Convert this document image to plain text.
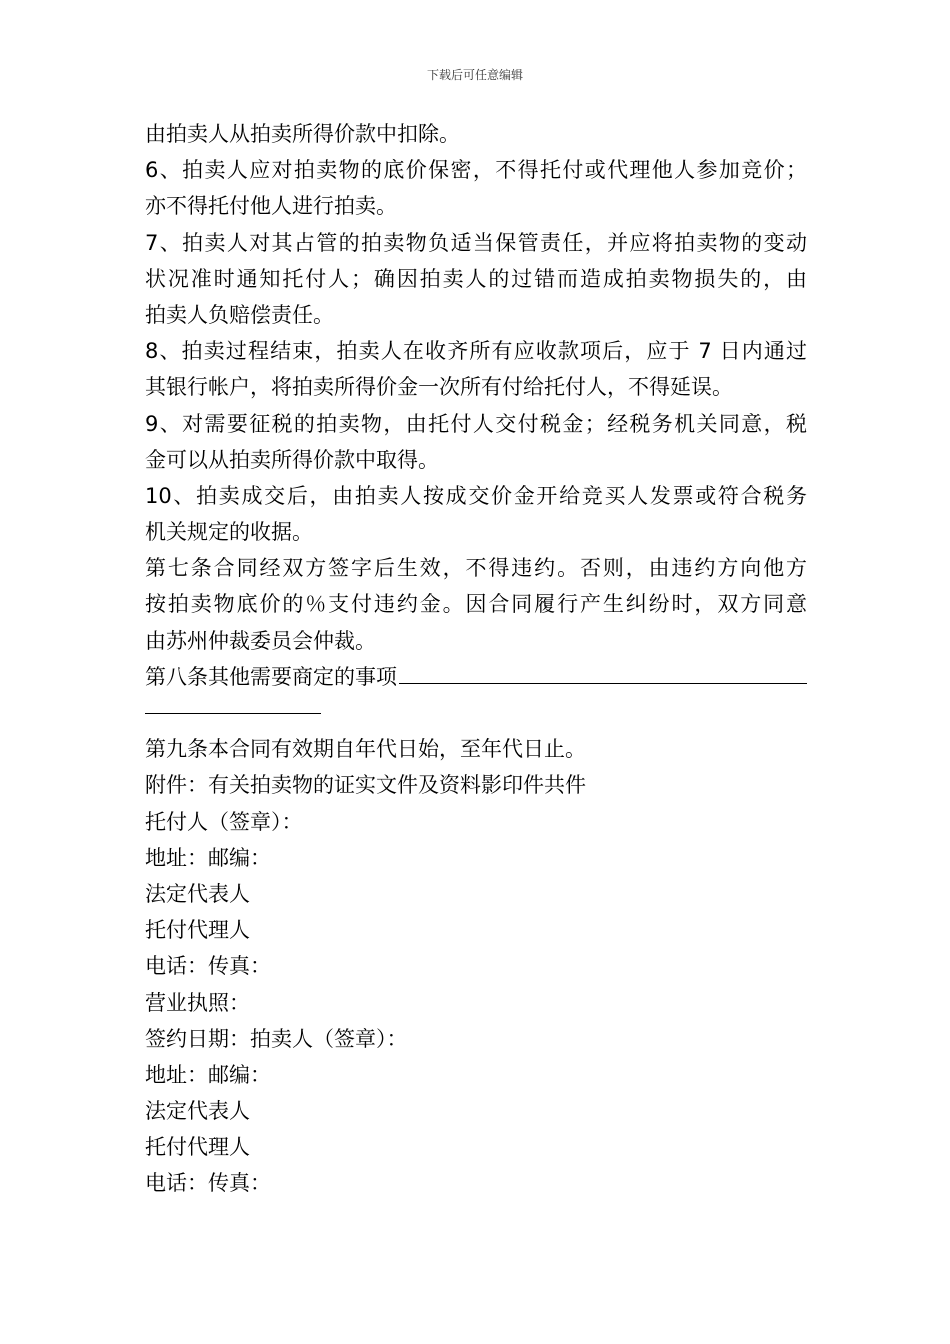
下载后可任意编辑
由拍卖人从拍卖所得价款中扣除。
6、拍卖人应对拍卖物的底价保密，不得托付或代理他人参加竞价；
亦不得托付他人进行拍卖。
7、拍卖人对其占管的拍卖物负适当保管责任，并应将拍卖物的变动
状况准时通知托付人；确因拍卖人的过错而造成拍卖物损失的，由
拍卖人负赔偿责任。
8、拍卖过程结束，拍卖人在收齐所有应收款项后，应于 7 日内通过
其银行帐户，将拍卖所得价金一次所有付给托付人，不得延误。
9、对需要征税的拍卖物，由托付人交付税金；经税务机关同意，税
金可以从拍卖所得价款中取得。
10、拍卖成交后，由拍卖人按成交价金开给竞买人发票或符合税务
机关规定的收据。
第七条合同经双方签字后生效，不得违约。否则，由违约方向他方
按拍卖物底价的％支付违约金。因合同履行产生纠纷时，双方同意
由苏州仲裁委员会仲裁。
第八条其他需要商定的事项
第九条本合同有效期自年代日始，至年代日止。
附件：有关拍卖物的证实文件及资料影印件共件
托付人（签章）：
地址：邮编：
法定代表人
托付代理人
电话：传真：
营业执照：
签约日期：拍卖人（签章）：
地址：邮编：
法定代表人
托付代理人
电话：传真：
